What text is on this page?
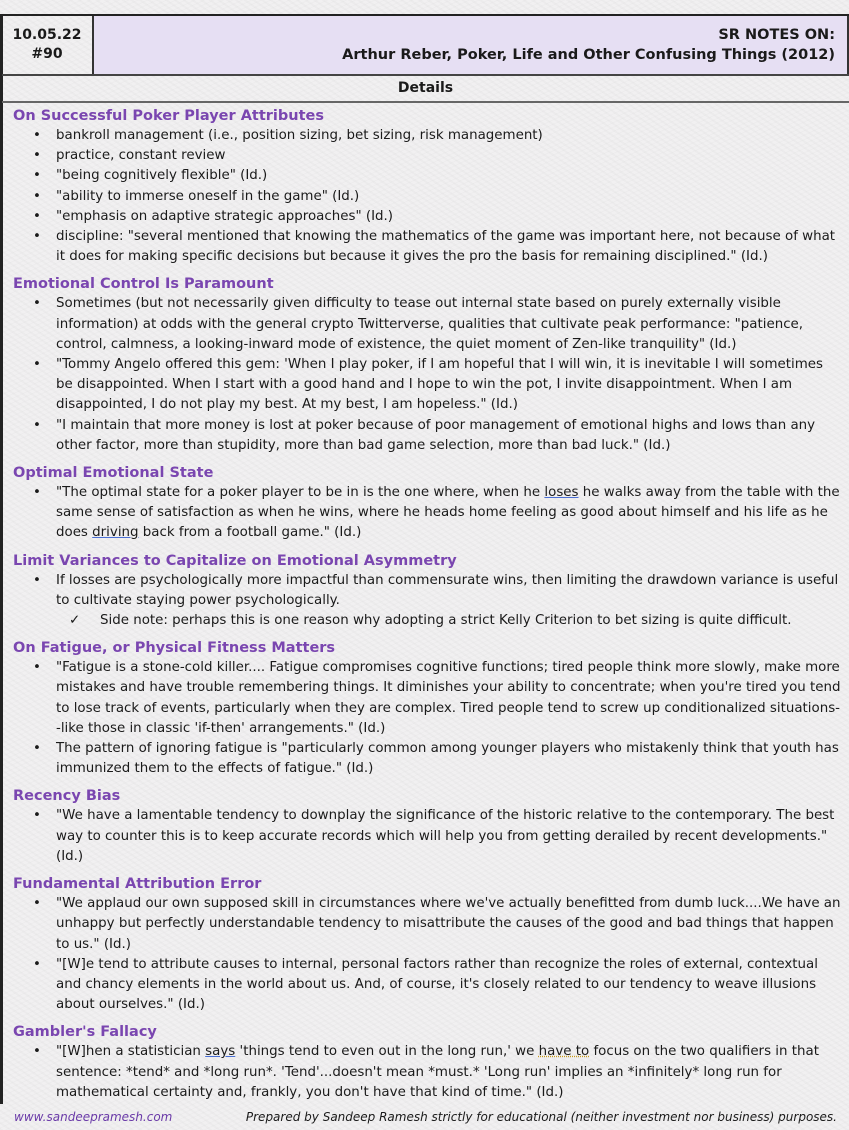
10.05.22
#90
SR NOTES ON:
Arthur Reber, Poker, Life and Other Confusing Things (2012)
Details
On Successful Poker Player Attributes
• bankroll management (i.e., position sizing, bet sizing, risk management)
• practice, constant review
• "being cognitively flexible" (Id.)
• "ability to immerse oneself in the game" (Id.)
• "emphasis on adaptive strategic approaches" (Id.)
• discipline: "several mentioned that knowing the mathematics of the game was important here, not because of what it does for making specific decisions but because it gives the pro the basis for remaining disciplined." (Id.)
Emotional Control Is Paramount
• Sometimes (but not necessarily given difficulty to tease out internal state based on purely externally visible information) at odds with the general crypto Twitterverse, qualities that cultivate peak performance: "patience, control, calmness, a looking-inward mode of existence, the quiet moment of Zen-like tranquility" (Id.)
• "Tommy Angelo offered this gem: 'When I play poker, if I am hopeful that I will win, it is inevitable I will sometimes be disappointed. When I start with a good hand and I hope to win the pot, I invite disappointment. When I am disappointed, I do not play my best. At my best, I am hopeless." (Id.)
• "I maintain that more money is lost at poker because of poor management of emotional highs and lows than any other factor, more than stupidity, more than bad game selection, more than bad luck." (Id.)
Optimal Emotional State
• "The optimal state for a poker player to be in is the one where, when he loses he walks away from the table with the same sense of satisfaction as when he wins, where he heads home feeling as good about himself and his life as he does driving back from a football game." (Id.)
Limit Variances to Capitalize on Emotional Asymmetry
• If losses are psychologically more impactful than commensurate wins, then limiting the drawdown variance is useful to cultivate staying power psychologically.
✓ Side note: perhaps this is one reason why adopting a strict Kelly Criterion to bet sizing is quite difficult.
On Fatigue, or Physical Fitness Matters
• "Fatigue is a stone-cold killer.... Fatigue compromises cognitive functions; tired people think more slowly, make more mistakes and have trouble remembering things. It diminishes your ability to concentrate; when you're tired you tend to lose track of events, particularly when they are complex. Tired people tend to screw up conditionalized situations--like those in classic 'if-then' arrangements." (Id.)
• The pattern of ignoring fatigue is "particularly common among younger players who mistakenly think that youth has immunized them to the effects of fatigue." (Id.)
Recency Bias
• "We have a lamentable tendency to downplay the significance of the historic relative to the contemporary. The best way to counter this is to keep accurate records which will help you from getting derailed by recent developments." (Id.)
Fundamental Attribution Error
• "We applaud our own supposed skill in circumstances where we've actually benefitted from dumb luck....We have an unhappy but perfectly understandable tendency to misattribute the causes of the good and bad things that happen to us." (Id.)
• "[W]e tend to attribute causes to internal, personal factors rather than recognize the roles of external, contextual and chancy elements in the world about us. And, of course, it's closely related to our tendency to weave illusions about ourselves." (Id.)
Gambler's Fallacy
• "[W]hen a statistician says 'things tend to even out in the long run,' we have to focus on the two qualifiers in that sentence: *tend* and *long run*. 'Tend'...doesn't mean *must.* 'Long run' implies an *infinitely* long run for mathematical certainty and, frankly, you don't have that kind of time." (Id.)
www.sandeepramesh.com	Prepared by Sandeep Ramesh strictly for educational (neither investment nor business) purposes.
